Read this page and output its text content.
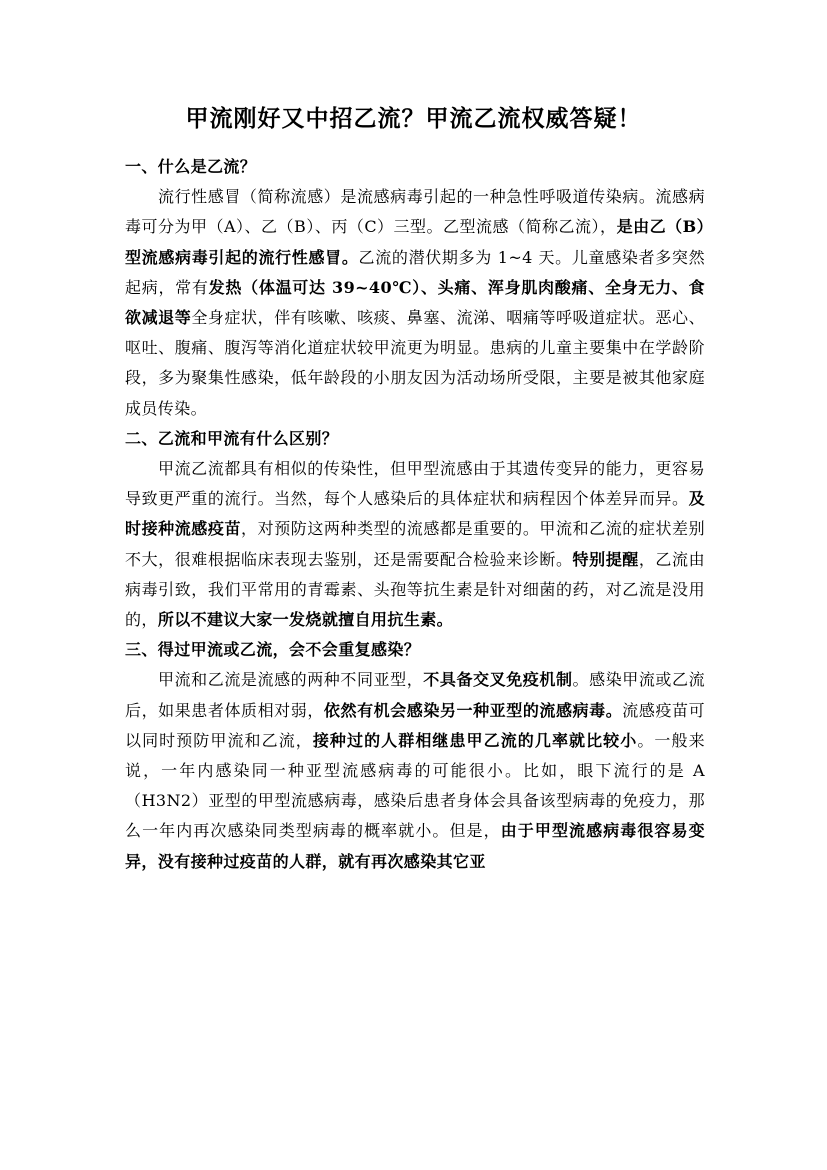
甲流刚好又中招乙流？甲流乙流权威答疑！
一、什么是乙流？

流行性感冒（简称流感）是流感病毒引起的一种急性呼吸道传染病。流感病毒可分为甲（A）、乙（B）、丙（C）三型。乙型流感（简称乙流），是由乙（B）型流感病毒引起的流行性感冒。乙流的潜伏期多为 1~4 天。儿童感染者多突然起病，常有发热（体温可达 39~40℃）、头痛、浑身肌肉酸痛、全身无力、食欲减退等全身症状，伴有咳嗽、咳痰、鼻塞、流涕、咽痛等呼吸道症状。恶心、呕吐、腹痛、腹泻等消化道症状较甲流更为明显。患病的儿童主要集中在学龄阶段，多为聚集性感染，低年龄段的小朋友因为活动场所受限，主要是被其他家庭成员传染。

二、乙流和甲流有什么区别？

甲流乙流都具有相似的传染性，但甲型流感由于其遗传变异的能力，更容易导致更严重的流行。当然，每个人感染后的具体症状和病程因个体差异而异。及时接种流感疫苗，对预防这两种类型的流感都是重要的。甲流和乙流的症状差别不大，很难根据临床表现去鉴别，还是需要配合检验来诊断。特别提醒，乙流由病毒引致，我们平常用的青霉素、头孢等抗生素是针对细菌的药，对乙流是没用的，所以不建议大家一发烧就擅自用抗生素。

三、得过甲流或乙流，会不会重复感染？

甲流和乙流是流感的两种不同亚型，不具备交叉免疫机制。感染甲流或乙流后，如果患者体质相对弱，依然有机会感染另一种亚型的流感病毒。流感疫苗可以同时预防甲流和乙流，接种过的人群相继患甲乙流的几率就比较小。一般来说，一年内感染同一种亚型流感病毒的可能很小。比如，眼下流行的是 A（H3N2）亚型的甲型流感病毒，感染后患者身体会具备该型病毒的免疫力，那么一年内再次感染同类型病毒的概率就小。但是，由于甲型流感病毒很容易变异，没有接种过疫苗的人群，就有再次感染其它亚
